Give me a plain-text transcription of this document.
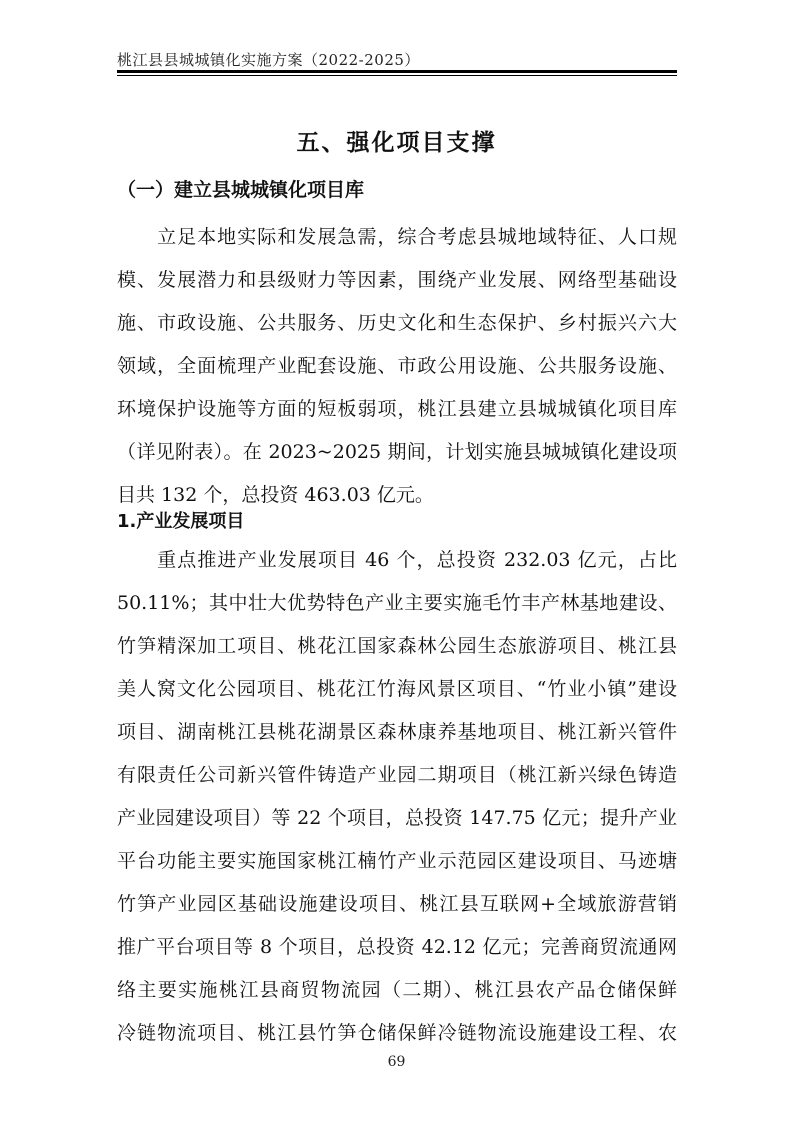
桃江县县城城镇化实施方案（2022-2025）
五、强化项目支撑
（一）建立县城城镇化项目库
　　立足本地实际和发展急需，综合考虑县城地域特征、人口规
模、发展潜力和县级财力等因素，围绕产业发展、网络型基础设
施、市政设施、公共服务、历史文化和生态保护、乡村振兴六大
领域，全面梳理产业配套设施、市政公用设施、公共服务设施、
环境保护设施等方面的短板弱项，桃江县建立县城城镇化项目库
（详见附表）。在 2023~2025 期间，计划实施县城城镇化建设项
目共 132 个，总投资 463.03 亿元。
1.产业发展项目
　　重点推进产业发展项目 46 个，总投资 232.03 亿元，占比
50.11%；其中壮大优势特色产业主要实施毛竹丰产林基地建设、
竹笋精深加工项目、桃花江国家森林公园生态旅游项目、桃江县
美人窝文化公园项目、桃花江竹海风景区项目、“竹业小镇”建设
项目、湖南桃江县桃花湖景区森林康养基地项目、桃江新兴管件
有限责任公司新兴管件铸造产业园二期项目（桃江新兴绿色铸造
产业园建设项目）等 22 个项目，总投资 147.75 亿元；提升产业
平台功能主要实施国家桃江楠竹产业示范园区建设项目、马迹塘
竹笋产业园区基础设施建设项目、桃江县互联网+全域旅游营销
推广平台项目等 8 个项目，总投资 42.12 亿元；完善商贸流通网
络主要实施桃江县商贸物流园（二期）、桃江县农产品仓储保鲜
冷链物流项目、桃江县竹笋仓储保鲜冷链物流设施建设工程、农
69
